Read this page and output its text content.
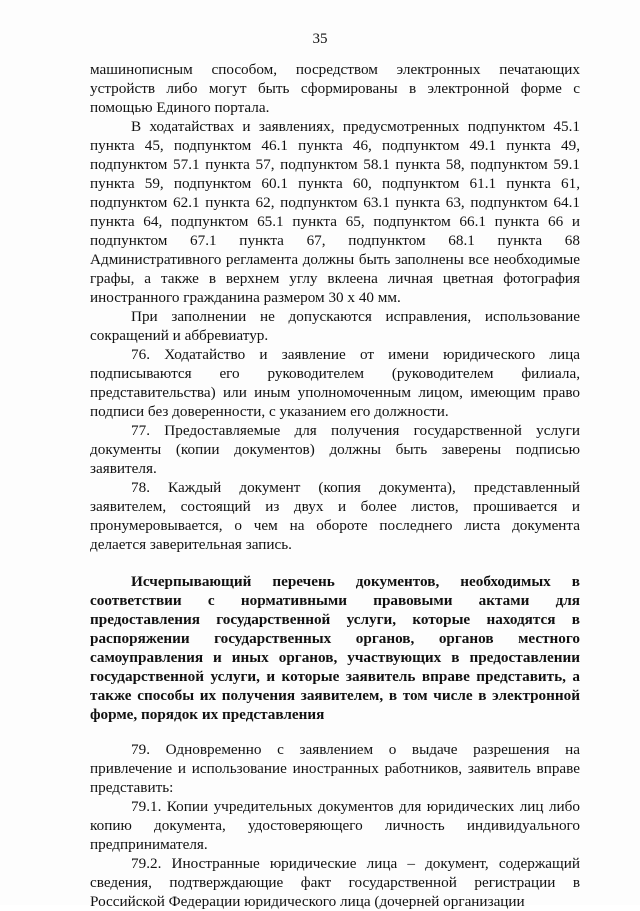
35

машинописным способом, посредством электронных печатающих устройств либо могут быть сформированы в электронной форме с помощью Единого портала.

В ходатайствах и заявлениях, предусмотренных подпунктом 45.1 пункта 45, подпунктом 46.1 пункта 46, подпунктом 49.1 пункта 49, подпунктом 57.1 пункта 57, подпунктом 58.1 пункта 58, подпунктом 59.1 пункта 59, подпунктом 60.1 пункта 60, подпунктом 61.1 пункта 61, подпунктом 62.1 пункта 62, подпунктом 63.1 пункта 63, подпунктом 64.1 пункта 64, подпунктом 65.1 пункта 65, подпунктом 66.1 пункта 66 и подпунктом 67.1 пункта 67, подпунктом 68.1 пункта 68 Административного регламента должны быть заполнены все необходимые графы, а также в верхнем углу вклеена личная цветная фотография иностранного гражданина размером 30 х 40 мм.

При заполнении не допускаются исправления, использование сокращений и аббревиатур.

76. Ходатайство и заявление от имени юридического лица подписываются его руководителем (руководителем филиала, представительства) или иным уполномоченным лицом, имеющим право подписи без доверенности, с указанием его должности.

77. Предоставляемые для получения государственной услуги документы (копии документов) должны быть заверены подписью заявителя.

78. Каждый документ (копия документа), представленный заявителем, состоящий из двух и более листов, прошивается и пронумеровывается, о чем на обороте последнего листа документа делается заверительная запись.

Исчерпывающий перечень документов, необходимых в соответствии с нормативными правовыми актами для предоставления государственной услуги, которые находятся в распоряжении государственных органов, органов местного самоуправления и иных органов, участвующих в предоставлении государственной услуги, и которые заявитель вправе представить, а также способы их получения заявителем, в том числе в электронной форме, порядок их представления

79. Одновременно с заявлением о выдаче разрешения на привлечение и использование иностранных работников, заявитель вправе представить:

79.1. Копии учредительных документов для юридических лиц либо копию документа, удостоверяющего личность индивидуального предпринимателя.

79.2. Иностранные юридические лица – документ, содержащий сведения, подтверждающие факт государственной регистрации в Российской Федерации юридического лица (дочерней организации
